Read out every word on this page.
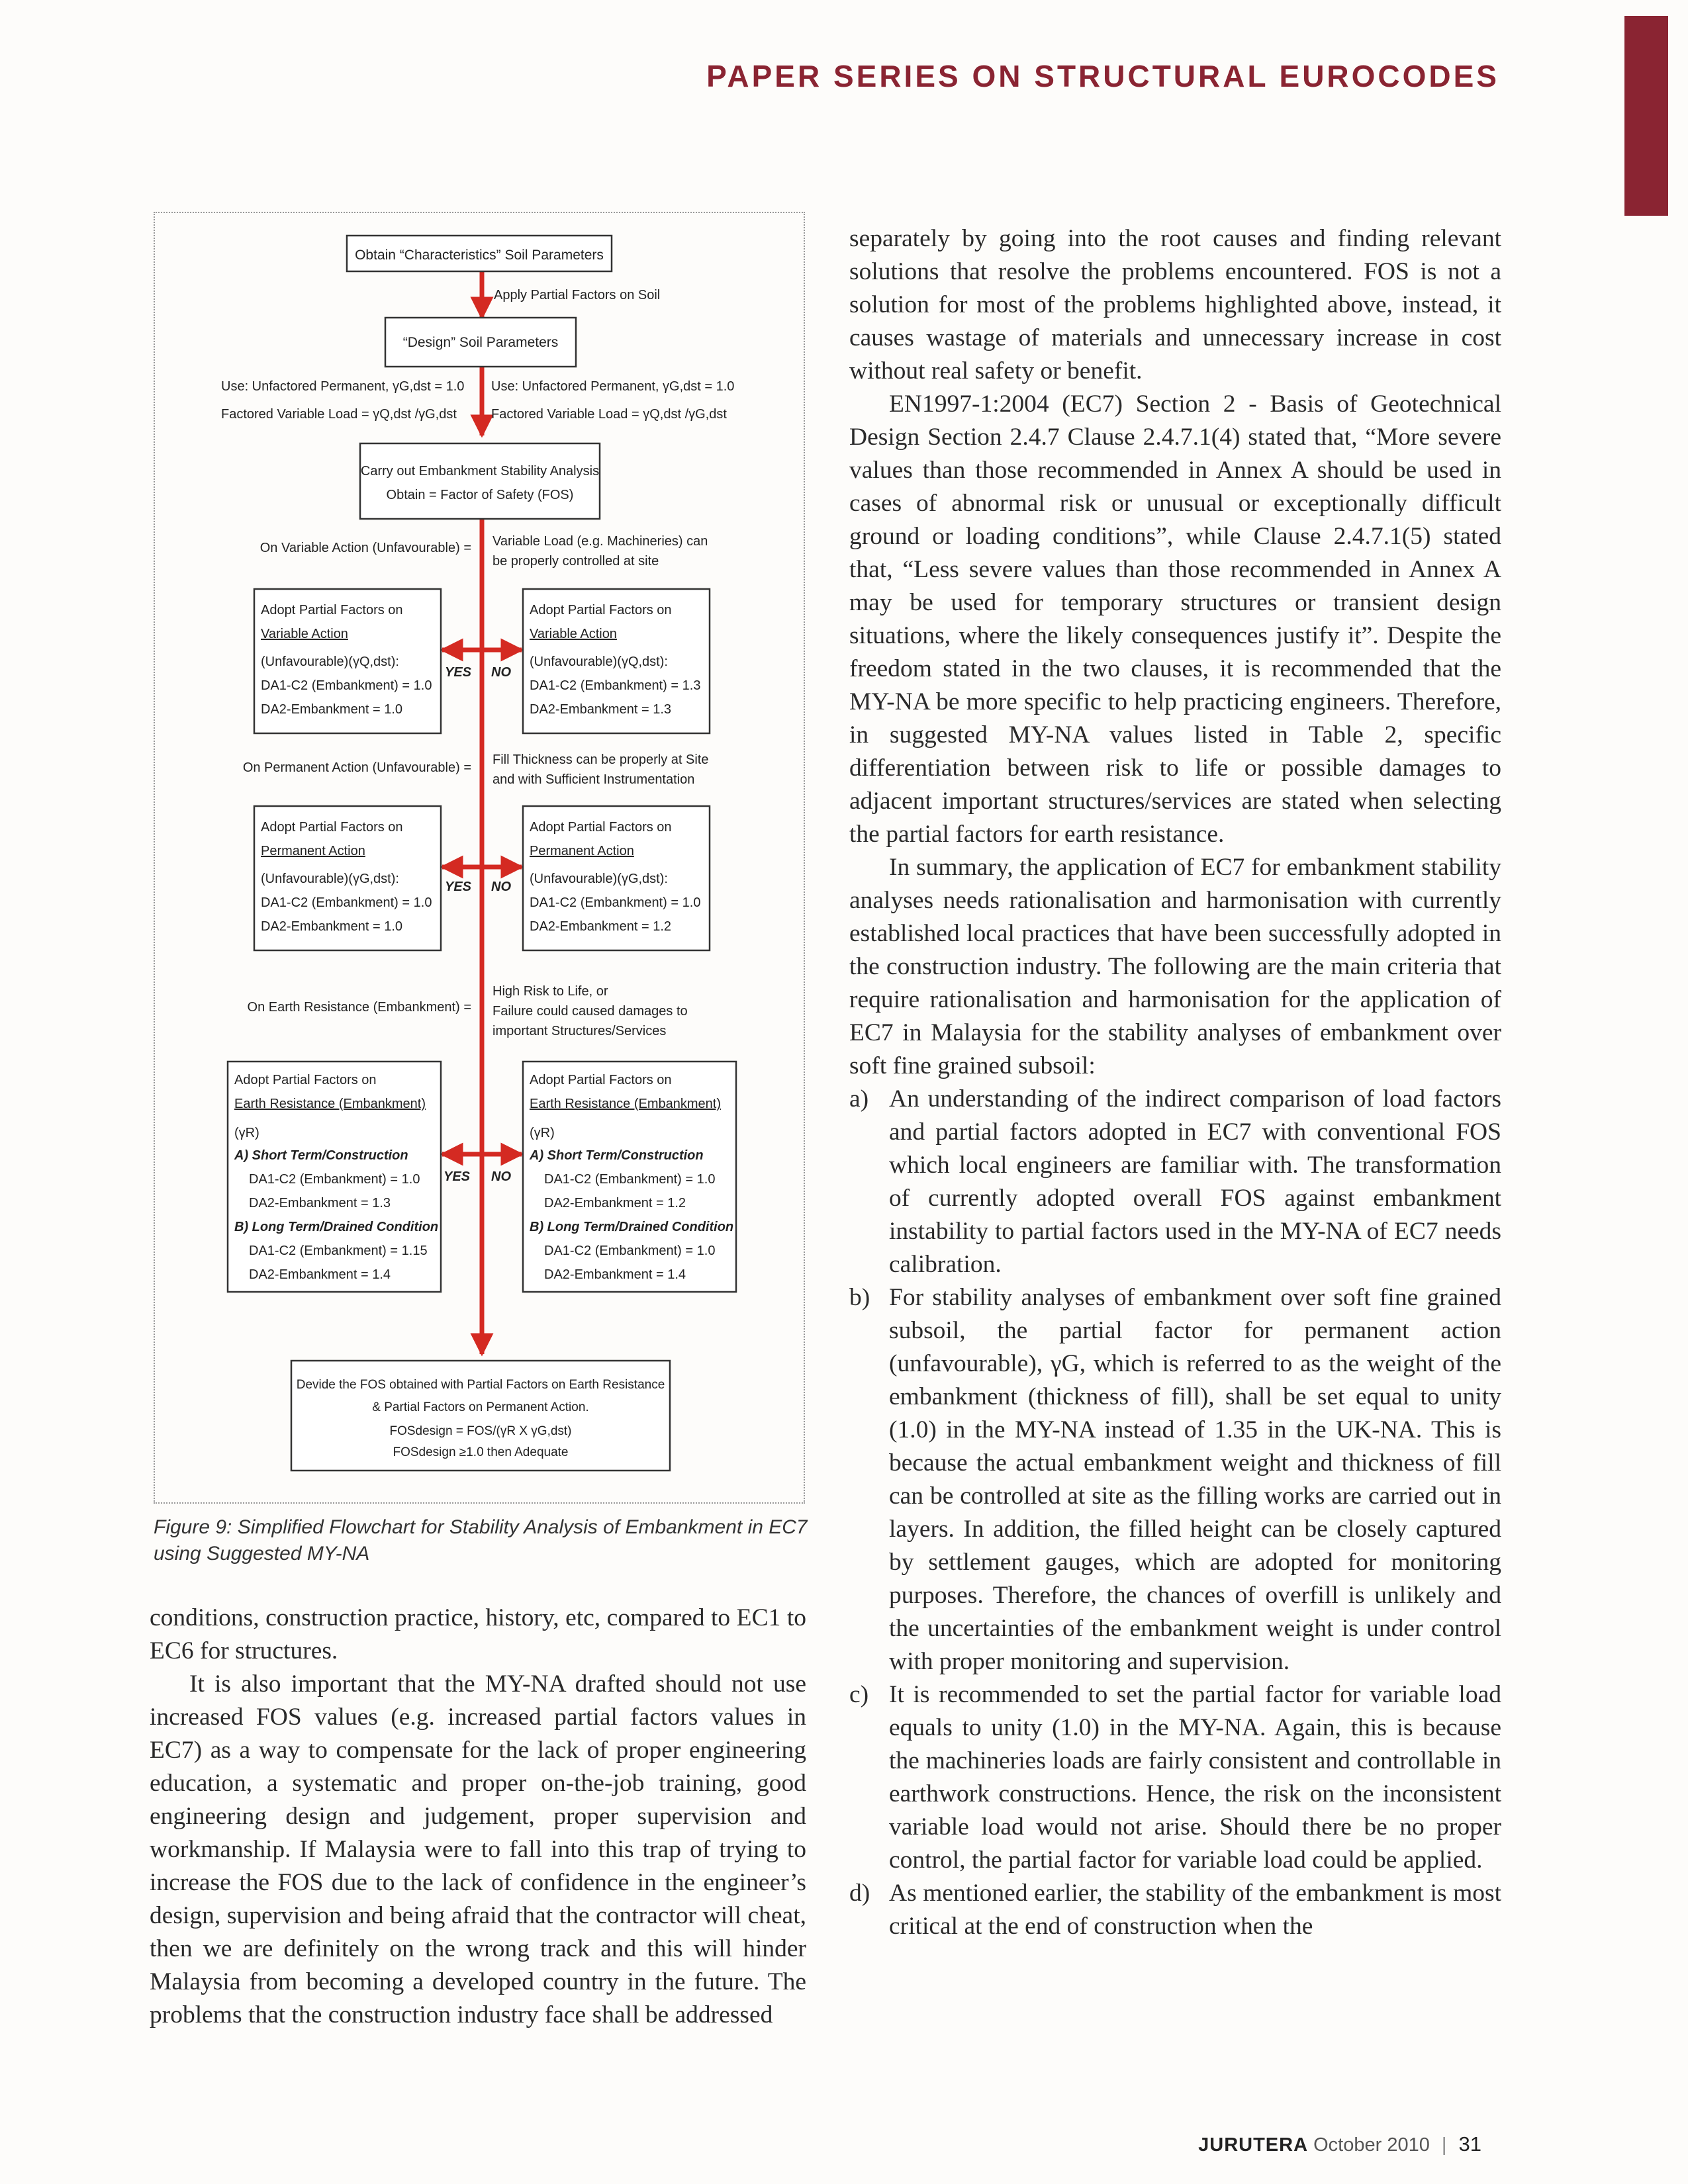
PAPER SERIES ON STRUCTURAL EUROCODES
Obtain “Characteristics” Soil Parameters
Apply Partial Factors on Soil
“Design” Soil Parameters
Use: Unfactored Permanent, γG,dst = 1.0
Factored Variable Load = γQ,dst /γG,dst
Use: Unfactored Permanent, γG,dst = 1.0
Factored Variable Load = γQ,dst /γG,dst
Carry out Embankment Stability Analysis
Obtain = Factor of Safety (FOS)
On Variable Action (Unfavourable) = Variable Load (e.g. Machineries) can
be properly controlled at site
Adopt Partial Factors on
Variable Action
(Unfavourable)(γQ,dst):
DA1-C2 (Embankment) = 1.0
DA2-Embankment = 1.0
Adopt Partial Factors on
Variable Action
(Unfavourable)(γQ,dst):
DA1-C2 (Embankment) = 1.3
DA2-Embankment = 1.3
YES NO
On Permanent Action (Unfavourable) =
Fill Thickness can be properly at Site
and with Sufficient Instrumentation
Adopt Partial Factors on
Permanent Action
(Unfavourable)(γG,dst):
DA1-C2 (Embankment) = 1.0
DA2-Embankment = 1.0
Adopt Partial Factors on
Permanent Action
(Unfavourable)(γG,dst):
DA1-C2 (Embankment) = 1.0
DA2-Embankment = 1.2
YES NO
On Earth Resistance (Embankment) =
High Risk to Life, or
Failure could caused damages to
important Structures/Services
Adopt Partial Factors on
Earth Resistance (Embankment)
(γR)
A) Short Term/Construction
DA1-C2 (Embankment) = 1.0
DA2-Embankment = 1.3
B) Long Term/Drained Condition
DA1-C2 (Embankment) = 1.15
DA2-Embankment = 1.4
Adopt Partial Factors on
Earth Resistance (Embankment)
(γR)
A) Short Term/Construction
DA1-C2 (Embankment) = 1.0
DA2-Embankment = 1.2
B) Long Term/Drained Condition
DA1-C2 (Embankment) = 1.0
DA2-Embankment = 1.4
YES NO
Devide the FOS obtained with Partial Factors on Earth Resistance
& Partial Factors on Permanent Action.
FOSdesign = FOS/(γR X γG,dst)
FOSdesign ≥1.0 then Adequate
Figure 9: Simplified Flowchart for Stability Analysis of Embankment in EC7
using Suggested MY-NA

conditions, construction practice, history, etc, compared to EC1 to EC6 for structures.

It is also important that the MY-NA drafted should not use increased FOS values (e.g. increased partial factors values in EC7) as a way to compensate for the lack of proper engineering education, a systematic and proper on-the-job training, good engineering design and judgement, proper supervision and workmanship. If Malaysia were to fall into this trap of trying to increase the FOS due to the lack of confidence in the engineer’s design, supervision and being afraid that the contractor will cheat, then we are definitely on the wrong track and this will hinder Malaysia from becoming a developed country in the future. The problems that the construction industry face shall be addressed

separately by going into the root causes and finding relevant solutions that resolve the problems encountered. FOS is not a solution for most of the problems highlighted above, instead, it causes wastage of materials and unnecessary increase in cost without real safety or benefit.

EN1997-1:2004 (EC7) Section 2 - Basis of Geotechnical Design Section 2.4.7 Clause 2.4.7.1(4) stated that, “More severe values than those recommended in Annex A should be used in cases of abnormal risk or unusual or exceptionally difficult ground or loading conditions”, while Clause 2.4.7.1(5) stated that, “Less severe values than those recommended in Annex A may be used for temporary structures or transient design situations, where the likely consequences justify it”. Despite the freedom stated in the two clauses, it is recommended that the MY-NA be more specific to help practicing engineers. Therefore, in suggested MY-NA values listed in Table 2, specific differentiation between risk to life or possible damages to adjacent important structures/services are stated when selecting the partial factors for earth resistance.

In summary, the application of EC7 for embankment stability analyses needs rationalisation and harmonisation with currently established local practices that have been successfully adopted in the construction industry. The following are the main criteria that require rationalisation and harmonisation for the application of EC7 in Malaysia for the stability analyses of embankment over soft fine grained subsoil:

a) An understanding of the indirect comparison of load factors and partial factors adopted in EC7 with conventional FOS which local engineers are familiar with. The transformation of currently adopted overall FOS against embankment instability to partial factors used in the MY-NA of EC7 needs calibration.
b) For stability analyses of embankment over soft fine grained subsoil, the partial factor for permanent action (unfavourable), γG, which is referred to as the weight of the embankment (thickness of fill), shall be set equal to unity (1.0) in the MY-NA instead of 1.35 in the UK-NA. This is because the actual embankment weight and thickness of fill can be controlled at site as the filling works are carried out in layers. In addition, the filled height can be closely captured by settlement gauges, which are adopted for monitoring purposes. Therefore, the chances of overfill is unlikely and the uncertainties of the embankment weight is under control with proper monitoring and supervision.
c) It is recommended to set the partial factor for variable load equals to unity (1.0) in the MY-NA. Again, this is because the machineries loads are fairly consistent and controllable in earthwork constructions. Hence, the risk on the inconsistent variable load would not arise. Should there be no proper control, the partial factor for variable load could be applied.
d) As mentioned earlier, the stability of the embankment is most critical at the end of construction when the
JURUTERA October 2010 | 31
